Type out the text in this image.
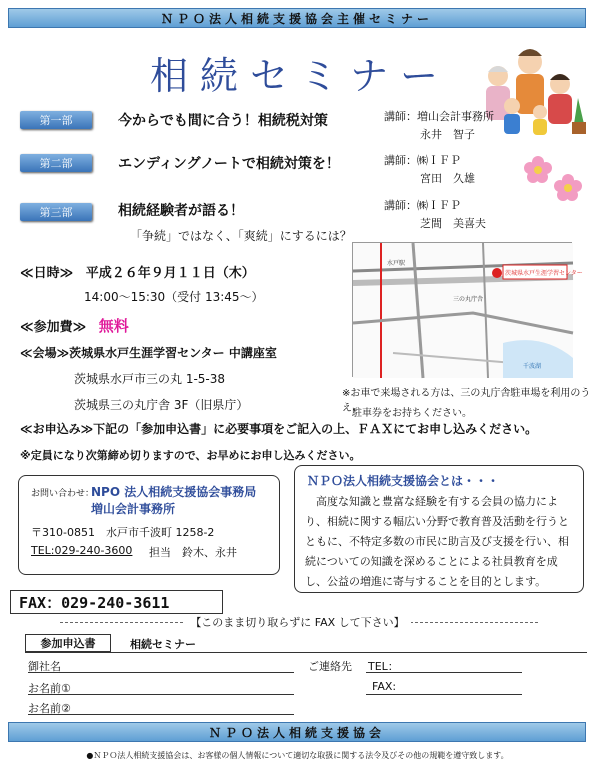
ＮＰＯ法人相続支援協会主催セミナー
相続セミナー
第一部	今からでも間に合う！相続税対策
第二部	エンディングノートで相続対策を！
第三部	相続経験者が語る！
「争続」ではなく、「爽続」にするには？
講師：増山会計事務所
永井　智子
講師：㈱ＩＦＰ
宮田　久雄
講師：㈱ＩＦＰ
芝間　美喜夫
≪日時≫ 平成２６年９月１１日（木）
14:00〜15:30（受付 13:45〜）
≪参加費≫ 無料
≪会場≫茨城県水戸生涯学習センター 中講座室
茨城県水戸市三の丸 1-5-38
茨城県三の丸庁舎 3F（旧県庁）
茨城県水戸生涯学習センター
三の丸庁舎
水戸駅
千波湖
※お車で来場される方は、三の丸庁舎駐車場を利用のうえ、
駐車券をお持ちください。
≪お申込み≫下記の「参加申込書」に必要事項をご記入の上、ＦＡＸにてお申し込みください。
※定員になり次第締め切りますので、お早めにお申し込みください。
お問い合わせ：
NPO 法人相続支援協会事務局
増山会計事務所
〒310-0851　水戸市千波町 1258-2
TEL:029-240-3600 担当　鈴木、永井
ＮＰＯ法人相続支援協会とは・・・
　高度な知識と豊富な経験を有する会員の協力により、相続に関する幅広い分野で教育普及活動を行うとともに、不特定多数の市民に助言及び支援を行い、相続についての知識を深めることによる社員教育を成し、公益の増進に寄与することを目的とします。
FAX：029-240-3611
【このまま切り取らずに FAX して下さい】
参加申込書	相続セミナー
御社名	ご連絡先 TEL：
お名前①	FAX:
お名前②
ＮＰＯ法人相続支援協会
●ＮＰＯ法人相続支援協会は、お客様の個人情報について適切な取扱に関する法令及びその他の規範を遵守致します。
